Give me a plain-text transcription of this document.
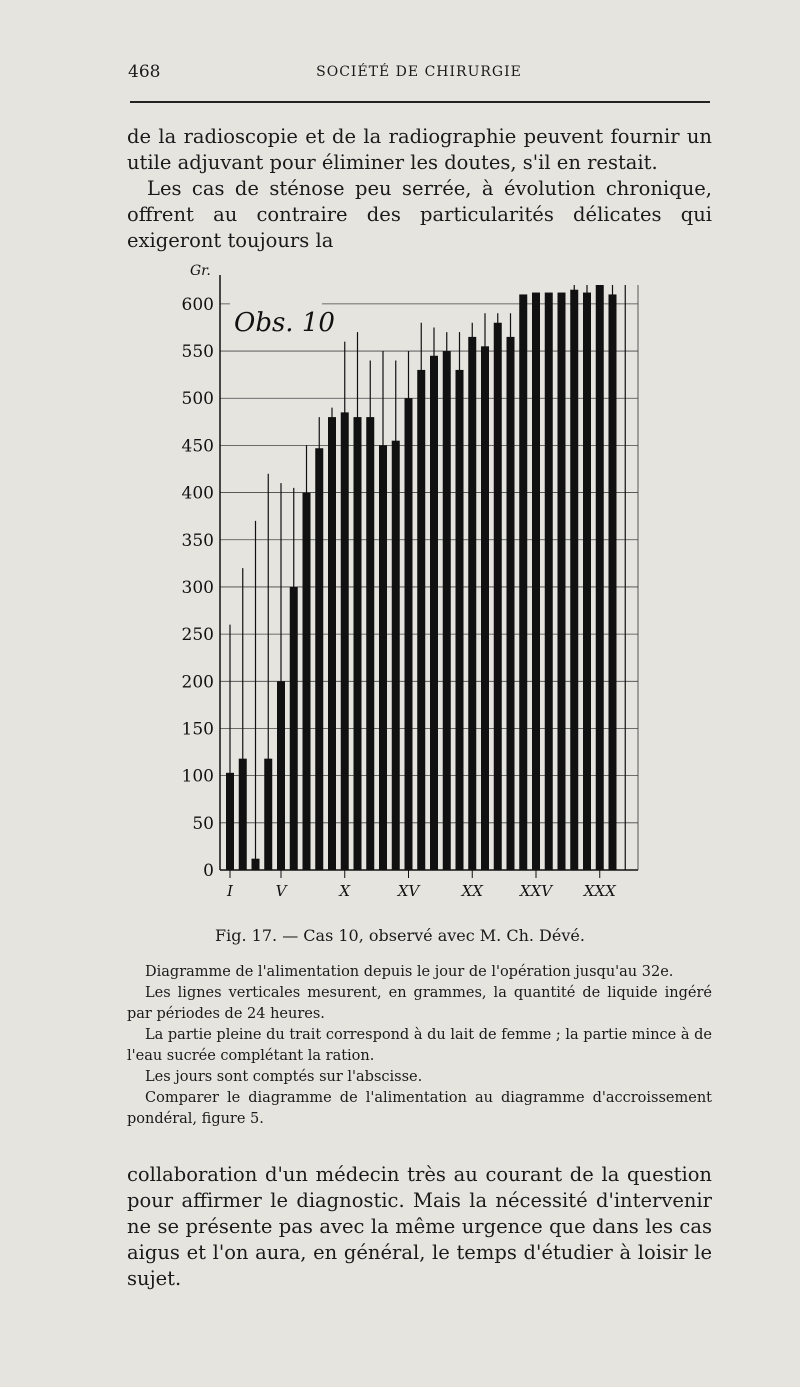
468	SOCIÉTÉ DE CHIRURGIE

de la radioscopie et de la radiographie peuvent fournir un utile adjuvant pour éliminer les doutes, s'il en restait.

Les cas de sténose peu serrée, à évolution chronique, offrent au contraire des particularités délicates qui exigeront toujours la

0
50
100
150
200
250
300
350
400
450
500
550
600
Gr.
Obs. 10
I	V	X	XV	XX XXV XXX
Fig. 17. — Cas 10, observé avec M. Ch. Dévé.

Diagramme de l'alimentation depuis le jour de l'opération jusqu'au 32e.

Les lignes verticales mesurent, en grammes, la quantité de liquide ingéré par périodes de 24 heures.

La partie pleine du trait correspond à du lait de femme ; la partie mince à de l'eau sucrée complétant la ration.

Les jours sont comptés sur l'abscisse.

Comparer le diagramme de l'alimentation au diagramme d'accroissement pondéral, figure 5.

collaboration d'un médecin très au courant de la question pour affirmer le diagnostic. Mais la nécessité d'intervenir ne se présente pas avec la même urgence que dans les cas aigus et l'on aura, en général, le temps d'étudier à loisir le sujet.
